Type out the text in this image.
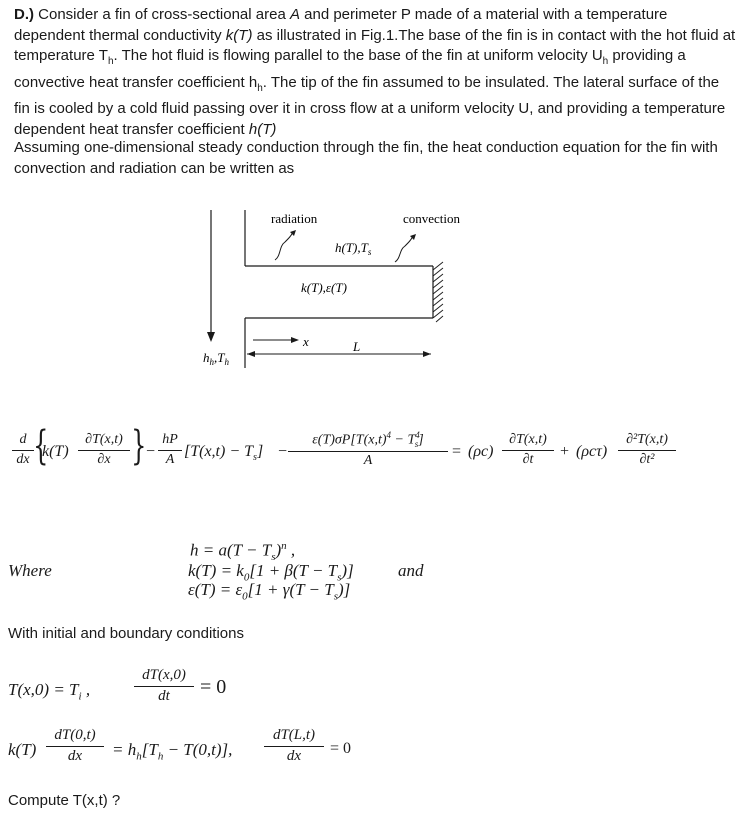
D.) Consider a fin of cross-sectional area A and perimeter P made of a material with a temperature dependent thermal conductivity k(T) as illustrated in Fig.1.The base of the fin is in contact with the hot fluid at temperature $T_h$. The hot fluid is flowing parallel to the base of the fin at uniform velocity $U_h$ providing a convective heat transfer coefficient $h_h$. The tip of the fin assumed to be insulated. The lateral surface of the fin is cooled by a cold fluid passing over it in cross flow at a uniform velocity U, and providing a temperature dependent heat transfer coefficient h(T)
Assuming one-dimensional steady conduction through the fin, the heat conduction equation for the fin with convection and radiation can be written as
radiation	convection
$h(T),T_s$
k(T),ε(T)
x	L
$h_h,T_h$
$\frac{d}{dx}$ {
$k(T) \frac{\partial T(x,t)}{\partial x}$ } − $\frac{hP}{A} [T(x,t) - T_s] - \frac{\varepsilon(T)\sigma P[T(x,t)^4 - T^4_s]}{A} = (\rho c) \frac{\partial T(x,t)}{\partial t} + (\rho c\tau) \frac{\text{∂²T(x,t)}}{\text{∂t²}}$
Where
$h = a(T - T_s)^n$ ,
$k(T) = k_0[1 + \beta(T - T_s)]$	and
$\varepsilon(T) = \varepsilon_0[1 + \gamma(T - T_s)]$
With initial and boundary conditions
$T(x,0) = T_i$ ,	$\frac{dT(x,0)}{dt} = 0$
$k(T) \frac{dT(0,t)}{dx} = h_h[T_h - T(0,t)]$, $\frac{dT(L,t)}{dx} = 0$
Compute T(x,t) ?
